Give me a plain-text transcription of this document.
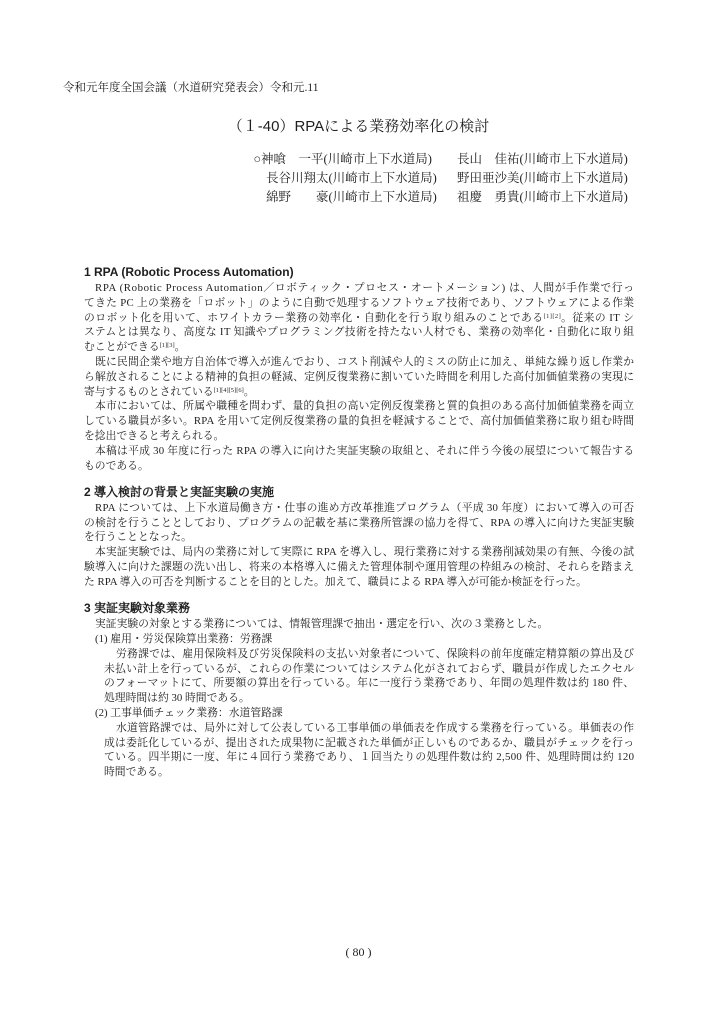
令和元年度全国会議（水道研究発表会）令和元.11
（１-40）RPAによる業務効率化の検討
○神喰　一平(川崎市上下水道局)	長山　佳祐(川崎市上下水道局)
長谷川翔太(川崎市上下水道局)	野田亜沙美(川崎市上下水道局)
綿野　　豪(川崎市上下水道局)	祖慶　勇貴(川崎市上下水道局)
1 RPA (Robotic Process Automation)
RPA (Robotic Process Automation／ロボティック・プロセス・オートメーション) は、人間が手作業で行っ
てきた PC 上の業務を「ロボット」のように自動で処理するソフトウェア技術であり、ソフトウェアによる作業
のロボット化を用いて、ホワイトカラー業務の効率化・自動化を行う取り組みのことである[1][2]。従来の IT シ
ステムとは異なり、高度な IT 知識やプログラミング技術を持たない人材でも、業務の効率化・自動化に取り組
むことができる[1][3]。
既に民間企業や地方自治体で導入が進んでおり、コスト削減や人的ミスの防止に加え、単純な繰り返し作業か
ら解放されることによる精神的負担の軽減、定例反復業務に割いていた時間を利用した高付加価値業務の実現に
寄与するものとされている[1][4][5][6]。
本市においては、所属や職種を問わず、量的負担の高い定例反復業務と質的負担のある高付加価値業務を両立
している職員が多い。RPA を用いて定例反復業務の量的負担を軽減することで、高付加価値業務に取り組む時間
を捻出できると考えられる。
本稿は平成 30 年度に行った RPA の導入に向けた実証実験の取組と、それに伴う今後の展望について報告する
ものである。
2 導入検討の背景と実証実験の実施
RPA については、上下水道局働き方・仕事の進め方改革推進プログラム（平成 30 年度）において導入の可否
の検討を行うこととしており、プログラムの記載を基に業務所管課の協力を得て、RPA の導入に向けた実証実験
を行うこととなった。
本実証実験では、局内の業務に対して実際に RPA を導入し、現行業務に対する業務削減効果の有無、今後の試
験導入に向けた課題の洗い出し、将来の本格導入に備えた管理体制や運用管理の枠組みの検討、それらを踏まえ
た RPA 導入の可否を判断することを目的とした。加えて、職員による RPA 導入が可能か検証を行った。
3 実証実験対象業務
実証実験の対象とする業務については、情報管理課で抽出・選定を行い、次の３業務とした。
(1) 雇用・労災保険算出業務：労務課
労務課では、雇用保険料及び労災保険料の支払い対象者について、保険料の前年度確定精算額の算出及び
未払い計上を行っているが、これらの作業についてはシステム化がされておらず、職員が作成したエクセル
のフォーマットにて、所要額の算出を行っている。年に一度行う業務であり、年間の処理件数は約 180 件、
処理時間は約 30 時間である。
(2) 工事単価チェック業務：水道管路課
水道管路課では、局外に対して公表している工事単価の単価表を作成する業務を行っている。単価表の作
成は委託化しているが、提出された成果物に記載された単価が正しいものであるか、職員がチェックを行っ
ている。四半期に一度、年に４回行う業務であり、１回当たりの処理件数は約 2,500 件、処理時間は約 120
時間である。
( 80 )
